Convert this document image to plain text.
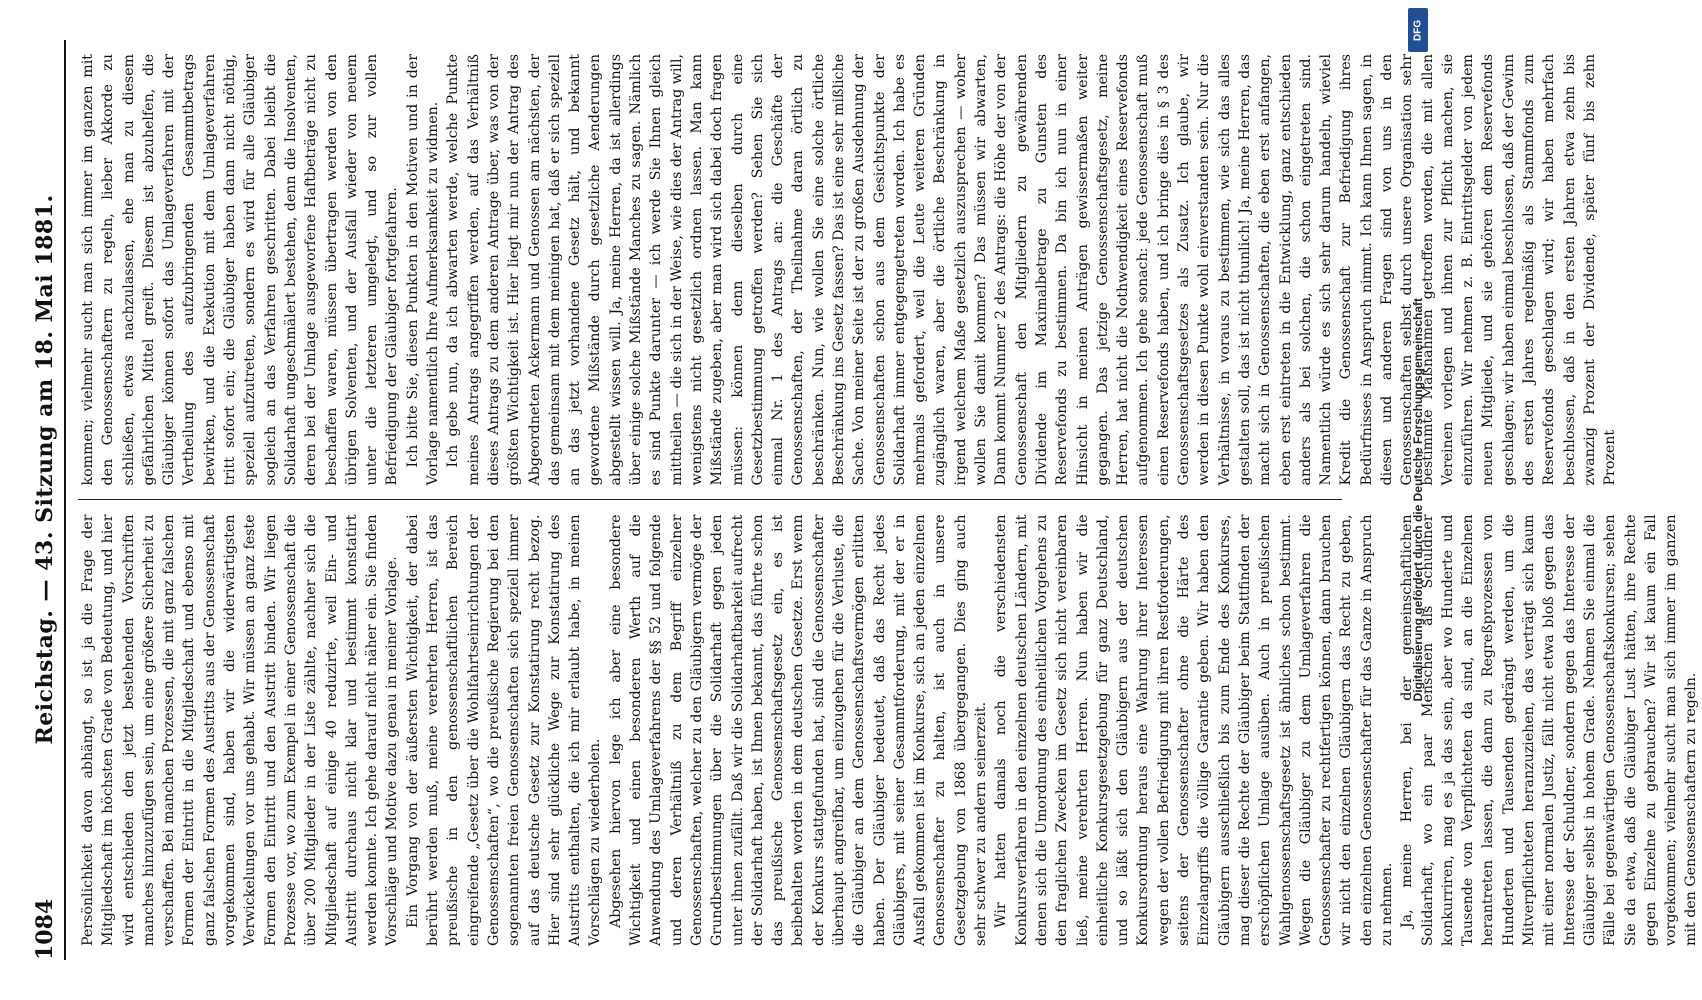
1084
Reichstag. — 43. Sitzung am 18. Mai 1881.

Persönlichkeit davon abhängt, so ist ja die Frage der Mitgliedschaft im höchsten Grade von Bedeutung, und hier wird entschieden den jetzt bestehenden Vorschriften manches hinzuzufügen sein, um eine größere Sicherheit zu verschaffen. Bei manchen Prozessen, die mit ganz falschen Formen der Eintritt in die Mitgliedschaft und ebenso mit ganz falschen Formen des Austritts aus der Genossenschaft vorgekommen sind, haben wir die widerwärtigsten Verwickelungen vor uns gehabt. Wir müssen an ganz feste Formen den Eintritt und den Austritt binden. Wir liegen Prozesse vor, wo zum Exempel in einer Genossenschaft die über 200 Mitglieder in der Liste zählte, nachher sich die Mitgliedschaft auf einige 40 reduzirte, weil Ein- und Austritt durchaus nicht klar und bestimmt konstatirt werden konnte. Ich gehe darauf nicht näher ein. Sie finden Vorschläge und Motive dazu genau in meiner Vorlage. Ein Vorgang von der äußersten Wichtigkeit, der dabei berührt werden muß, meine verehrten Herren, ist das preußische in den genossenschaftlichen Bereich eingreifende „Gesetz über die Wohlfahrtseinrichtungen der Genossenschaften“, wo die preußische Regierung bei den sogenannten freien Genossenschaften sich speziell immer auf das deutsche Gesetz zur Konstatirung recht bezog. Hier sind sehr glückliche Wege zur Konstatirung des Austritts enthalten, die ich mir erlaubt habe, in meinen Vorschlägen zu wiederholen. Abgesehen hiervon lege ich aber eine besondere Wichtigkeit und einen besonderen Werth auf die Anwendung des Umlageverfahrens der §§ 52 und folgende und deren Verhältniß zu dem Begriff einzelner Genossenschaften, welcher zu den Gläubigern vermöge der Grundbestimmungen über die Solidarhaft gegen jeden unter ihnen zufällt. Daß wir die Solidarhaftbarkeit aufrecht der Solidarhaft haben, ist Ihnen bekannt, das führte schon das preußische Genossenschaftsgesetz ein, es ist beibehalten worden in dem deutschen Gesetze. Erst wenn der Konkurs stattgefunden hat, sind die Genossenschafter überhaupt angreifbar, um einzugehen für die Verluste, die die Gläubiger an dem Genossenschaftsvermögen erlitten haben. Der Gläubiger bedeutet, daß das Recht jedes Gläubigers, mit seiner Gesammtforderung, mit der er in Ausfall gekommen ist im Konkurse, sich an jeden einzelnen Genossenschafter zu halten, ist auch in unsere Gesetzgebung von 1868 übergegangen. Dies ging auch sehr schwer zu andern seinerzeit. Wir hatten damals noch die verschiedensten Konkursverfahren in den einzelnen deutschen Ländern, mit denen sich die Umordnung des einheitlichen Vorgehens zu den fraglichen Zwecken im Gesetz sich nicht vereinbaren ließ, meine verehrten Herren. Nun haben wir die einheitliche Konkursgesetzgebung für ganz Deutschland, und so läßt sich den Gläubigern aus der deutschen Konkursordnung heraus eine Wahrung ihrer Interessen wegen der vollen Befriedigung mit ihren Restforderungen, seitens der Genossenschafter ohne die Härte des Einzelangriffs die völlige Garantie geben. Wir haben den Gläubigern ausschließlich bis zum Ende des Konkurses, mag dieser die Rechte der Gläubiger beim Stattfinden der erschöpflichen Umlage ausüben. Auch in preußischen Wahlgenossenschaftsgesetz ist ähnliches schon bestimmt. Wegen die Gläubiger zu dem Umlageverfahren die Genossenschafter zu rechtfertigen können, dann brauchen wir nicht den einzelnen Gläubigern das Recht zu geben, den einzelnen Genossenschafter für das Ganze in Anspruch zu nehmen. Ja, meine Herren, bei der gemeinschaftlichen Solidarhaft, wo ein paar Menschen als Schuldner konkurriren, mag es ja das sein, aber wo Hunderte und Tausende von Verpflichteten da sind, an die Einzelnen herantreten lassen, die dann zu Regreßprozessen von Hunderten und Tausenden gedrängt werden, um die Mitverpflichteten heranzuziehen, das verträgt sich kaum mit einer normalen Justiz, fällt nicht etwa bloß gegen das Interesse der Schuldner, sondern gegen das Interesse der Gläubiger selbst in hohem Grade. Nehmen Sie einmal die Fälle bei gegenwärtigen Genossenschaftskonkursen; sehen Sie da etwa, daß die Gläubiger Lust hätten, ihre Rechte gegen Einzelne zu gebrauchen? Wir ist kaum ein Fall vorgekommen; vielmehr sucht man sich immer im ganzen mit den Genossenschaftern zu regeln.

kommen; vielmehr sucht man sich immer im ganzen mit den Genossenschaftern zu regeln, lieber Akkorde zu schließen, etwas nachzulassen, ehe man zu diesem gefährlichen Mittel greift. Diesem ist abzuhelfen, die Gläubiger können sofort das Umlageverfahren mit der Vertheilung des aufzubringenden Gesammtbetrags bewirken, und die Exekution mit dem Umlageverfahren tritt sofort ein; die Gläubiger haben dann nicht nöthig, speziell aufzutreten, sondern es wird für alle Gläubiger sogleich an das Verfahren geschritten. Dabei bleibt die Solidarhaft ungeschmälert bestehen, denn die Insolventen, deren bei der Umlage ausgeworfene Haftbeträge nicht zu beschaffen waren, müssen übertragen werden von den übrigen Solventen, und der Ausfall wieder von neuem unter die letzteren umgelegt, und so zur vollen Befriedigung der Gläubiger fortgefahren. Ich bitte Sie, diesen Punkten in den Motiven und in der Vorlage namentlich Ihre Aufmerksamkeit zu widmen. Ich gebe nun, da ich abwarten werde, welche Punkte meines Antrags angegriffen werden, auf das Verhältniß dieses Antrags zu dem anderen Antrage über, was von der größten Wichtigkeit ist. Hier liegt mir nun der Antrag des Abgeordneten Ackermann und Genossen am nächsten, der das gemeinsam mit dem meinigen hat, daß er sich speziell an das jetzt vorhandene Gesetz hält, und bekannt gewordene Mißstände durch gesetzliche Aenderungen abgestellt wissen will. Ja, meine Herren, da ist allerdings über einige solche Mißstände Manches zu sagen. Nämlich es sind Punkte darunter — ich werde Sie Ihnen gleich mittheilen — die sich in der Weise, wie dies der Antrag will, wenigstens nicht gesetzlich ordnen lassen. Man kann Mißstände zugeben, aber man wird sich dabei doch fragen müssen: können denn dieselben durch eine Gesetzbestimmung getroffen werden? Sehen Sie sich einmal Nr. 1 des Antrags an: die Geschäfte der Genossenschaften, der Theilnahme daran örtlich zu beschränken. Nun, wie wollen Sie eine solche örtliche Beschränkung ins Gesetz fassen? Das ist eine sehr mißliche Sache. Von meiner Seite ist der zu großen Ausdehnung der Genossenschaften schon aus dem Gesichtspunkte der Solidarhaft immer entgegengetreten worden. Ich habe es mehrmals gefordert, weil die Leute weiteren Gründen zugänglich waren, aber die örtliche Beschränkung in irgend welchem Maße gesetzlich auszusprechen — woher wollen Sie damit kommen? Das müssen wir abwarten, Dann kommt Nummer 2 des Antrags: die Höhe der von der Genossenschaft den Mitgliedern zu gewährenden Dividende im Maximalbetrage zu Gunsten des Reservefonds zu bestimmen. Da bin ich nun in einer Hinsicht in meinen Anträgen gewissermaßen weiter gegangen. Das jetzige Genossenschaftsgesetz, meine Herren, hat nicht die Nothwendigkeit eines Reservefonds aufgenommen. Ich gehe sonach: jede Genossenschaft muß einen Reservefonds haben, und ich bringe dies in § 3 des Genossenschaftsgesetzes als Zusatz. Ich glaube, wir werden in diesen Punkte wohl einverstanden sein. Nur die Verhältnisse, in voraus zu bestimmen, wie sich das alles gestalten soll, das ist nicht thunlich! Ja, meine Herren, das macht sich in Genossenschaften, die eben erst anfangen, eben erst eintreten in die Entwicklung, ganz entschieden anders als bei solchen, die schon eingetreten sind. Namentlich würde es sich sehr darum handeln, wieviel Kredit die Genossenschaft zur Befriedigung ihres Bedürfnisses in Anspruch nimmt. Ich kann Ihnen sagen, in diesen und anderen Fragen sind von uns in den Genossenschaften selbst durch unsere Organisation sehr bestimmte Maßnahmen getroffen worden, die mit allen Vereinen vorlegen und ihnen zur Pflicht machen, sie einzuführen. Wir nehmen z. B. Eintrittsgelder von jedem neuen Mitgliede, und sie gehören dem Reservefonds geschlagen; wir haben einmal beschlossen, daß der Gewinn des ersten Jahres regelmäßig als Stammfonds zum Reservefonds geschlagen wird; wir haben mehrfach beschlossen, daß in den ersten Jahren etwa zehn bis zwanzig Prozent der Dividende, später fünf bis zehn Prozent

DFG
Digitalisierung gefördert durch die Deutsche Forschungsgemeinschaft
